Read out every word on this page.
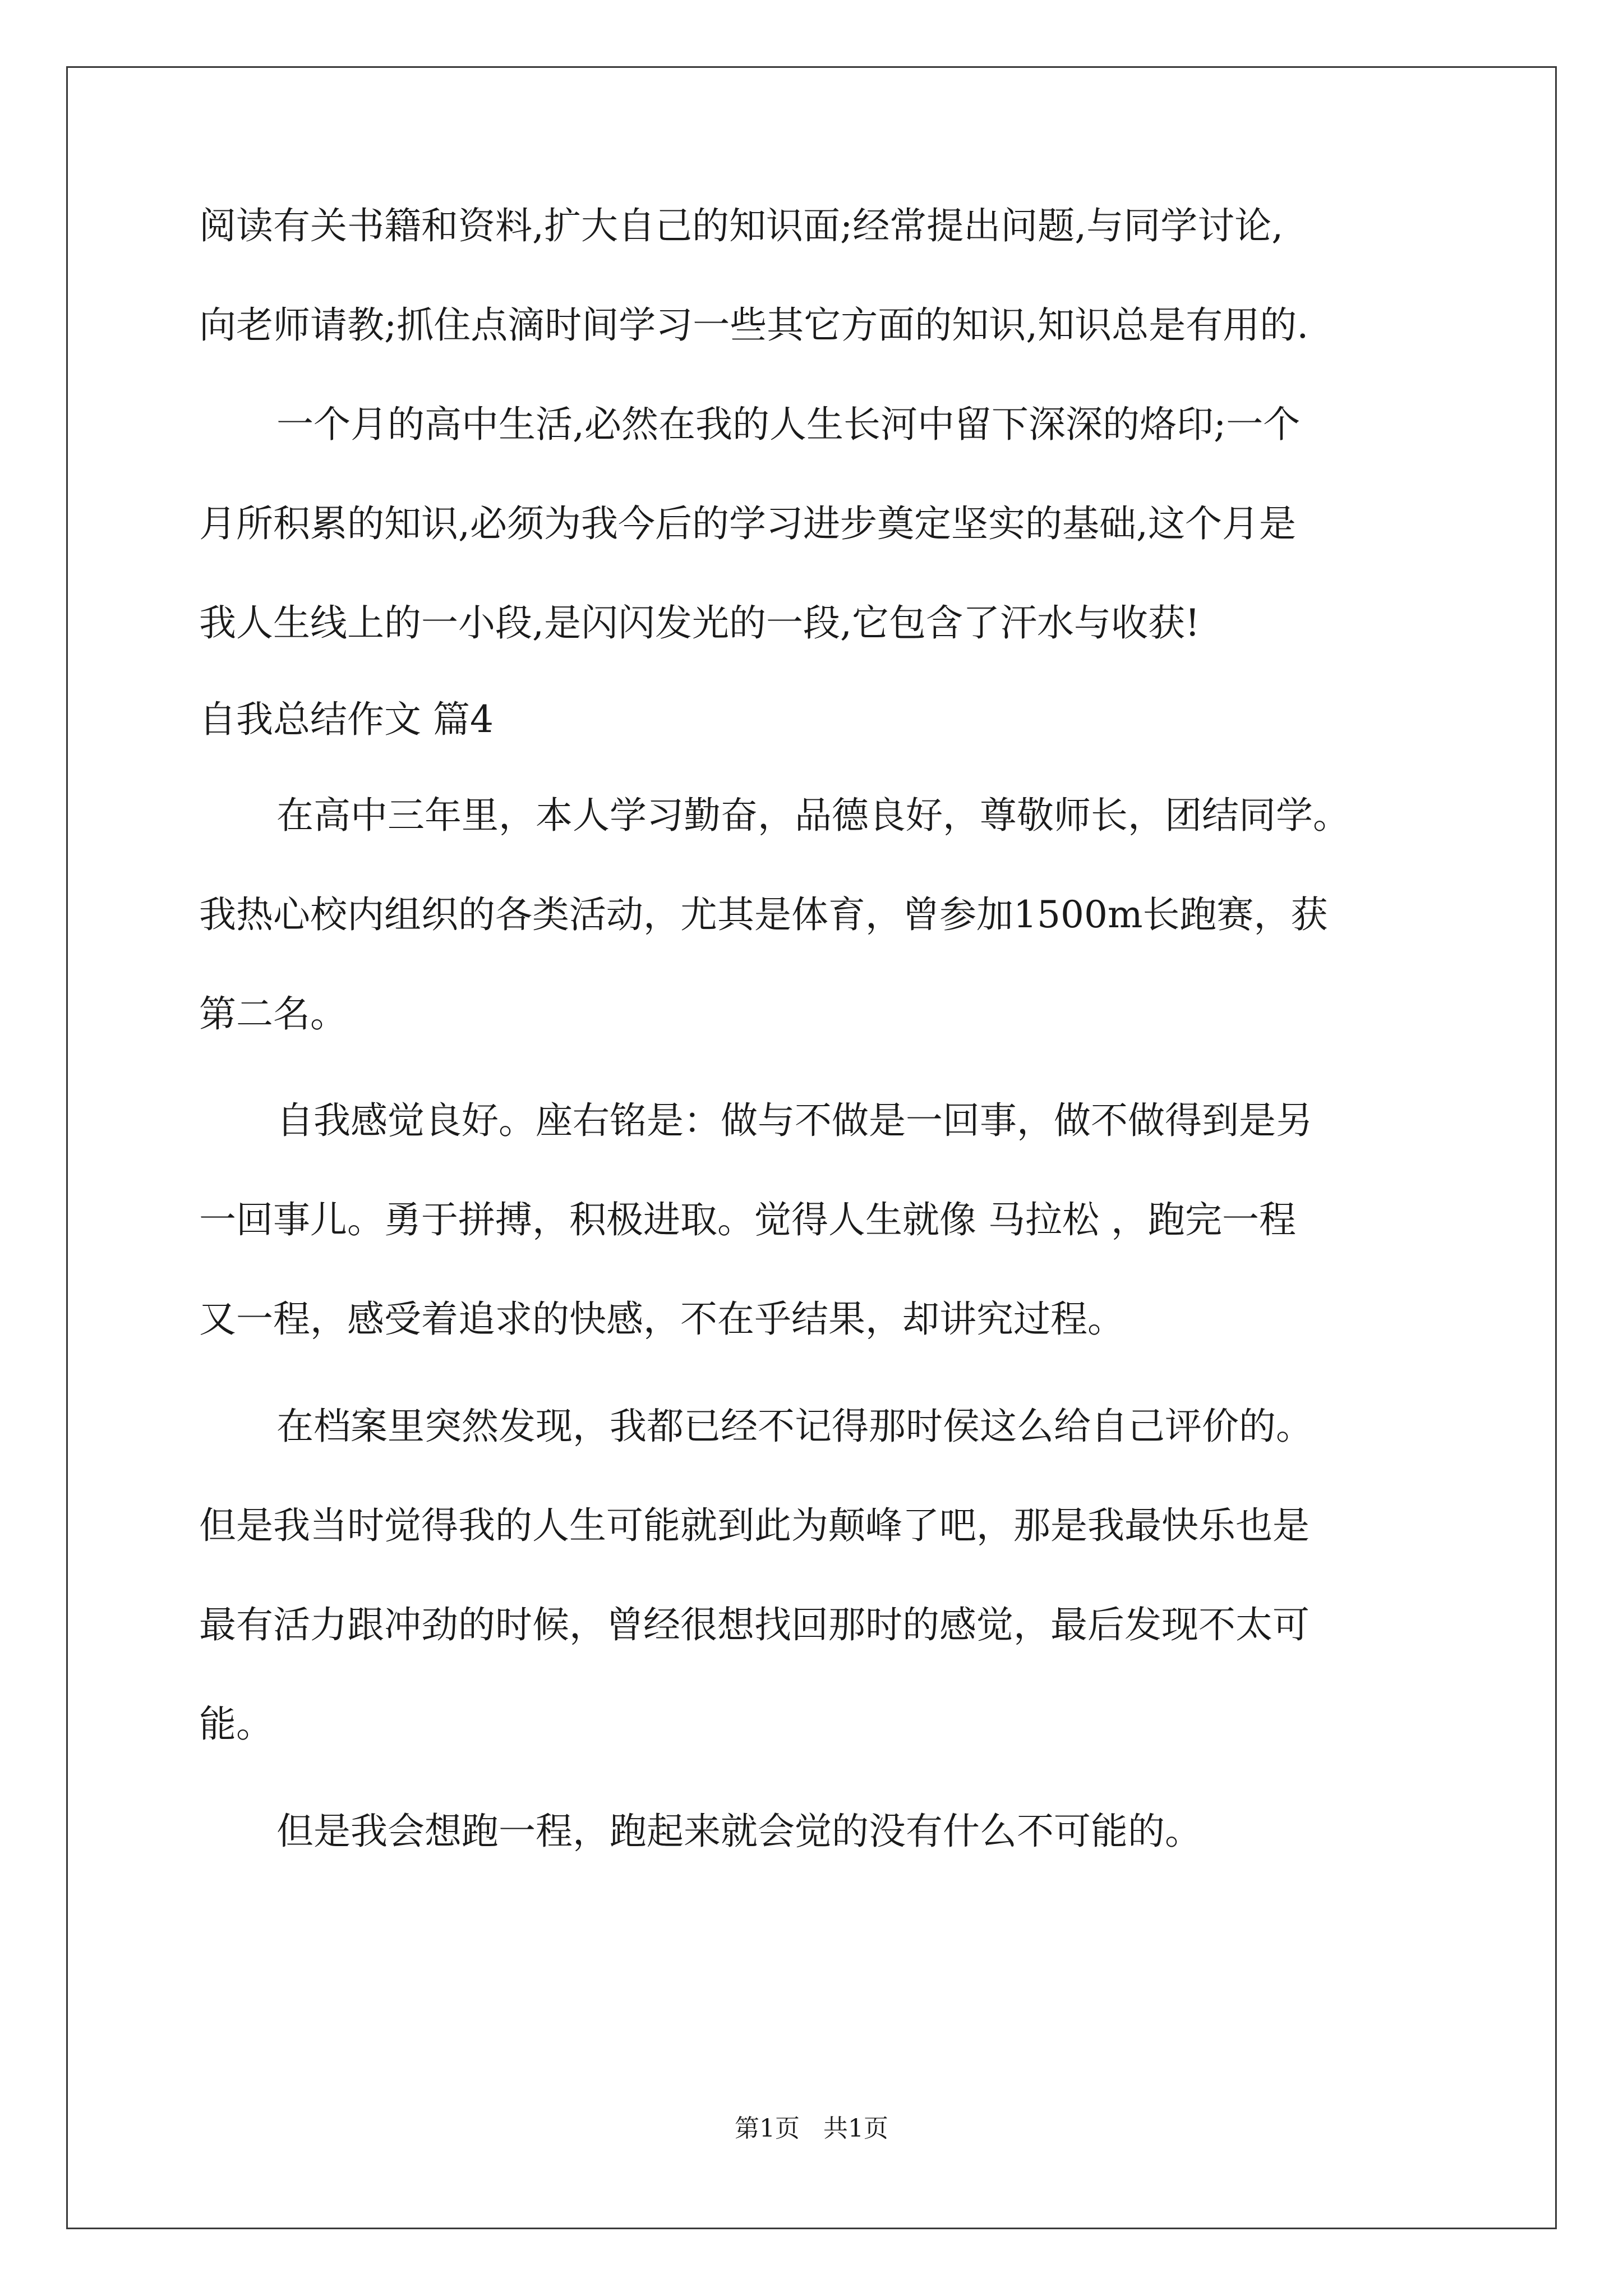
阅读有关书籍和资料,扩大自己的知识面;经常提出问题,与同学讨论,
向老师请教;抓住点滴时间学习一些其它方面的知识,知识总是有用的.
一个月的高中生活,必然在我的人生长河中留下深深的烙印;一个
月所积累的知识,必须为我今后的学习进步奠定坚实的基础,这个月是
我人生线上的一小段,是闪闪发光的一段,它包含了汗水与收获!
自我总结作文 篇4
在高中三年里，本人学习勤奋，品德良好，尊敬师长，团结同学。
我热心校内组织的各类活动，尤其是体育，曾参加1500m长跑赛，获
第二名。
自我感觉良好。座右铭是：做与不做是一回事，做不做得到是另
一回事儿。勇于拼搏，积极进取。觉得人生就像 马拉松 ，跑完一程
又一程，感受着追求的快感，不在乎结果，却讲究过程。
在档案里突然发现，我都已经不记得那时侯这么给自己评价的。
但是我当时觉得我的人生可能就到此为颠峰了吧，那是我最快乐也是
最有活力跟冲劲的时候，曾经很想找回那时的感觉，最后发现不太可
能。
但是我会想跑一程，跑起来就会觉的没有什么不可能的。
第1页   共1页
